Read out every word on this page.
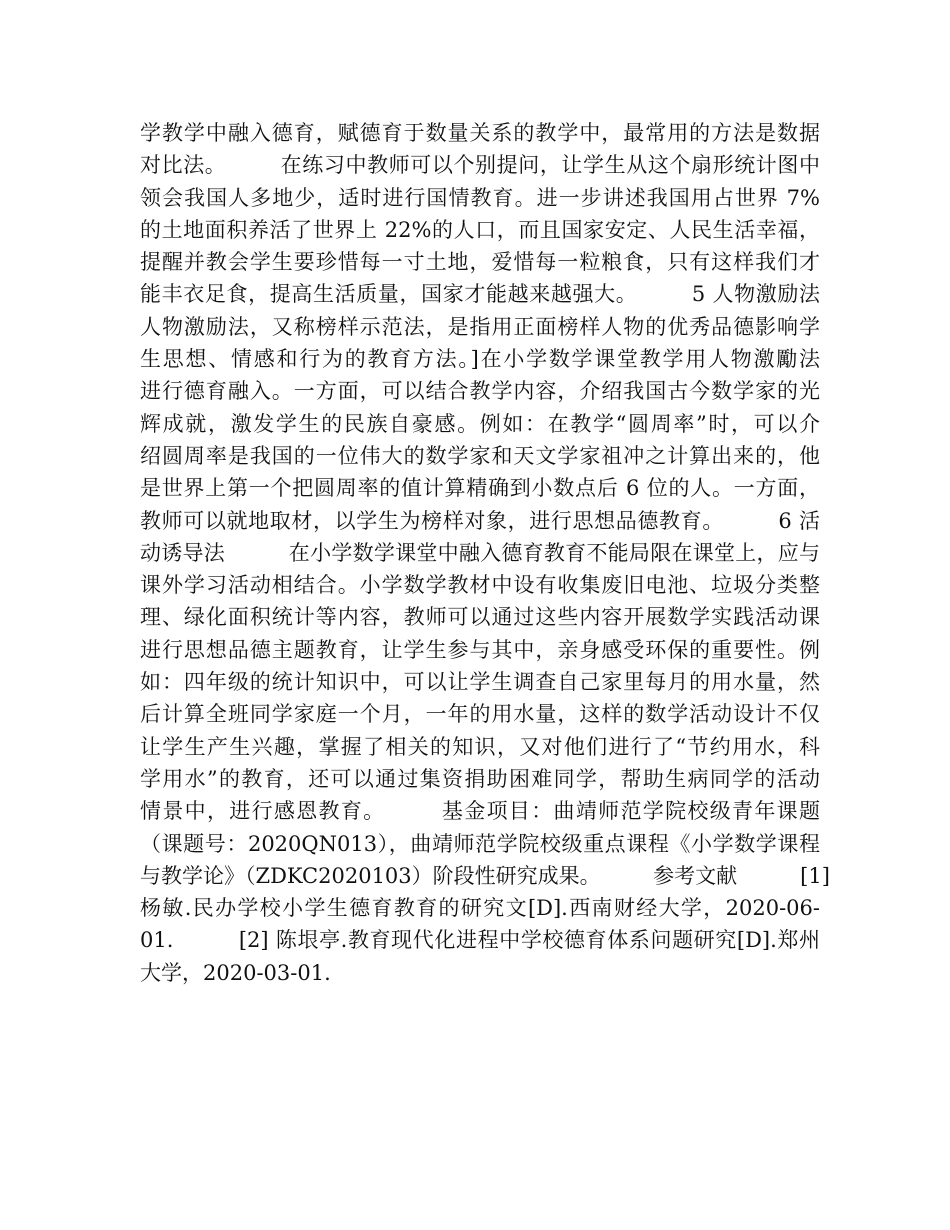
学教学中融入德育，赋德育于数量关系的教学中，最常用的方法是数据
对比法。　　　在练习中教师可以个别提问，让学生从这个扇形统计图中
领会我国人多地少，适时进行国情教育。进一步讲述我国用占世界 7%
的土地面积养活了世界上 22%的人口，而且国家安定、人民生活幸福，
提醒并教会学生要珍惜每一寸土地，爱惜每一粒粮食，只有这样我们才
能丰衣足食，提高生活质量，国家才能越来越强大。　　　5 人物激励法
人物激励法，又称榜样示范法，是指用正面榜样人物的优秀品德影响学
生思想、情感和行为的教育方法。]在小学数学课堂教学用人物激勵法
进行德育融入。一方面，可以结合教学内容，介绍我国古今数学家的光
辉成就，激发学生的民族自豪感。例如：在教学“圆周率”时，可以介
绍圆周率是我国的一位伟大的数学家和天文学家祖冲之计算出来的，他
是世界上第一个把圆周率的值计算精确到小数点后 6 位的人。一方面，
教师可以就地取材，以学生为榜样对象，进行思想品德教育。　　　6 活
动诱导法　　　在小学数学课堂中融入德育教育不能局限在课堂上，应与
课外学习活动相结合。小学数学教材中设有收集废旧电池、垃圾分类整
理、绿化面积统计等内容，教师可以通过这些内容开展数学实践活动课
进行思想品德主题教育，让学生参与其中，亲身感受环保的重要性。例
如：四年级的统计知识中，可以让学生调查自己家里每月的用水量，然
后计算全班同学家庭一个月，一年的用水量，这样的数学活动设计不仅
让学生产生兴趣，掌握了相关的知识，又对他们进行了“节约用水，科
学用水”的教育，还可以通过集资捐助困难同学，帮助生病同学的活动
情景中，进行感恩教育。　　　基金项目：曲靖师范学院校级青年课题
（课题号：2020QN013），曲靖师范学院校级重点课程《小学数学课程
与教学论》（ZDKC2020103）阶段性研究成果。　　　参考文献　　　[1]
杨敏.民办学校小学生德育教育的研究文[D].西南财经大学，2020-06-
01.　　　[2] 陈垠亭.教育现代化进程中学校德育体系问题研究[D].郑州
大学，2020-03-01.
